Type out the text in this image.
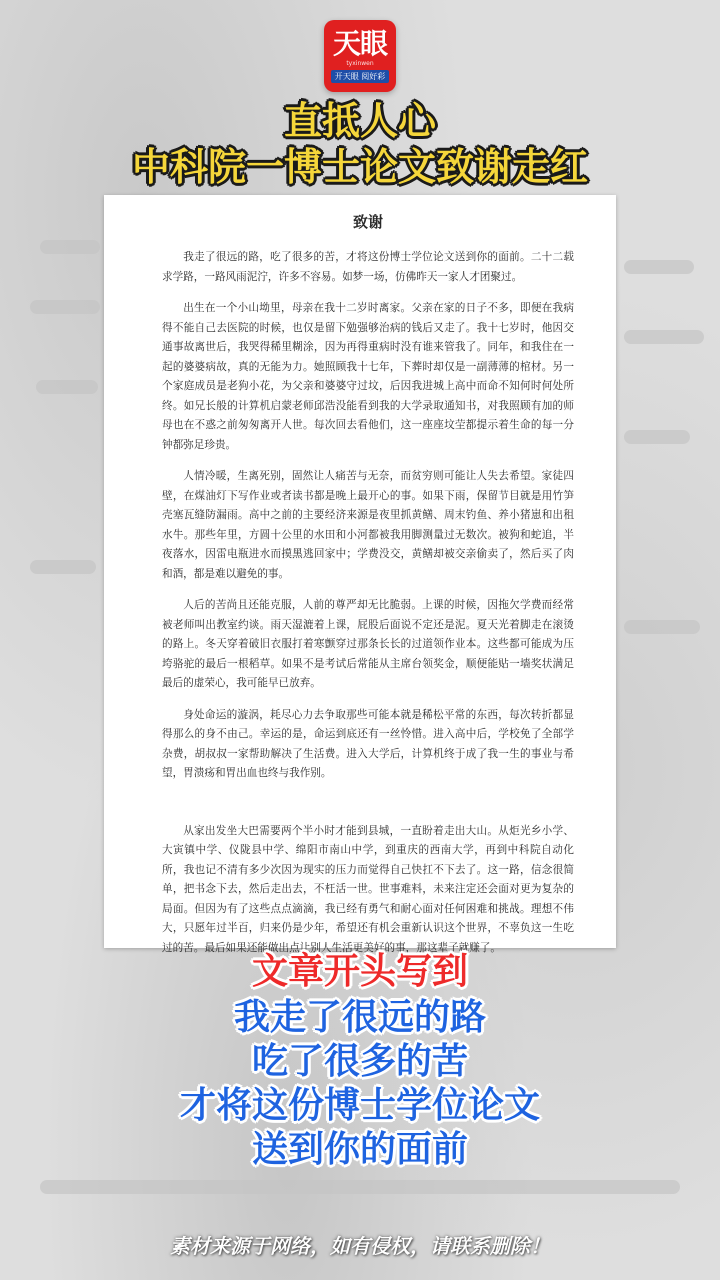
天眼
tyxinwen
开天眼 阅好彩
直抵人心
中科院一博士论文致谢走红
致谢

我走了很远的路，吃了很多的苦，才将这份博士学位论文送到你的面前。二十二载求学路，一路风雨泥泞，许多不容易。如梦一场，仿佛昨天一家人才团聚过。

出生在一个小山坳里，母亲在我十二岁时离家。父亲在家的日子不多，即便在我病得不能自己去医院的时候，也仅是留下勉强够治病的钱后又走了。我十七岁时，他因交通事故离世后，我哭得稀里糊涂，因为再得重病时没有谁来管我了。同年，和我住在一起的婆婆病故，真的无能为力。她照顾我十七年，下葬时却仅是一副薄薄的棺材。另一个家庭成员是老狗小花，为父亲和婆婆守过坟，后因我进城上高中而命不知何时何处所终。如兄长般的计算机启蒙老师邱浩没能看到我的大学录取通知书，对我照顾有加的师母也在不惑之前匆匆离开人世。每次回去看他们，这一座座坟茔都提示着生命的每一分钟都弥足珍贵。

人情冷暖，生离死别，固然让人痛苦与无奈，而贫穷则可能让人失去希望。家徒四壁，在煤油灯下写作业或者读书都是晚上最开心的事。如果下雨，保留节目就是用竹笋壳塞瓦缝防漏雨。高中之前的主要经济来源是夜里抓黄鳝、周末钓鱼、养小猪崽和出租水牛。那些年里，方圆十公里的水田和小河都被我用脚测量过无数次。被狗和蛇追，半夜落水，因雷电瓶进水而摸黑逃回家中；学费没交，黄鳝却被交亲偷卖了，然后买了肉和酒，都是难以避免的事。

人后的苦尚且还能克服，人前的尊严却无比脆弱。上课的时候，因拖欠学费而经常被老师叫出教室约谈。雨天湿漉着上课，屁股后面说不定还是泥。夏天光着脚走在滚烫的路上。冬天穿着破旧衣服打着寒颤穿过那条长长的过道领作业本。这些都可能成为压垮骆驼的最后一根稻草。如果不是考试后常能从主席台领奖金，顺便能贴一墙奖状满足最后的虚荣心，我可能早已放弃。

身处命运的漩涡，耗尽心力去争取那些可能本就是稀松平常的东西，每次转折都显得那么的身不由己。幸运的是，命运到底还有一丝怜惜。进入高中后，学校免了全部学杂费，胡叔叔一家帮助解决了生活费。进入大学后，计算机终于成了我一生的事业与希望，胃溃疡和胃出血也终与我作别。

从家出发坐大巴需要两个半小时才能到县城，一直盼着走出大山。从炬光乡小学、大寅镇中学、仪陇县中学、绵阳市南山中学，到重庆的西南大学，再到中科院自动化所，我也记不清有多少次因为现实的压力而觉得自己快扛不下去了。这一路，信念很简单，把书念下去，然后走出去，不枉活一世。世事难料，未来注定还会面对更为复杂的局面。但因为有了这些点点滴滴，我已经有勇气和耐心面对任何困难和挑战。理想不伟大，只愿年过半百，归来仍是少年，希望还有机会重新认识这个世界，不辜负这一生吃过的苦。最后如果还能做出点让别人生活更美好的事，那这辈子就赚了。

文章开头写到
我走了很远的路
吃了很多的苦
才将这份博士学位论文
送到你的面前
素材来源于网络，如有侵权，请联系删除！
